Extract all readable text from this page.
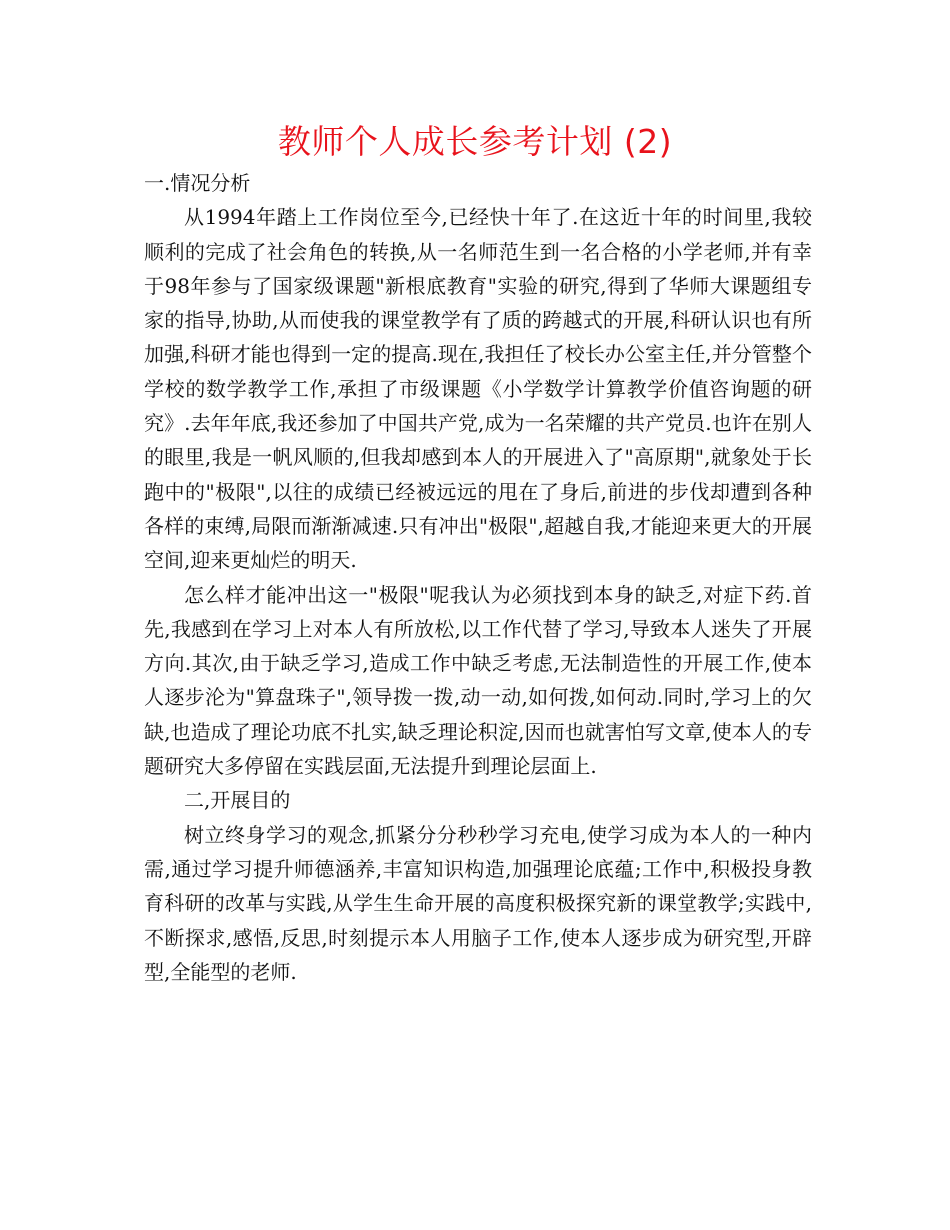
教师个人成长参考计划 (2)

一.情况分析

从1994年踏上工作岗位至今,已经快十年了.在这近十年的时间里,我较顺利的完成了社会角色的转换,从一名师范生到一名合格的小学老师,并有幸于98年参与了国家级课题"新根底教育"实验的研究,得到了华师大课题组专家的指导,协助,从而使我的课堂教学有了质的跨越式的开展,科研认识也有所加强,科研才能也得到一定的提高.现在,我担任了校长办公室主任,并分管整个学校的数学教学工作,承担了市级课题《小学数学计算教学价值咨询题的研究》.去年年底,我还参加了中国共产党,成为一名荣耀的共产党员.也许在别人的眼里,我是一帆风顺的,但我却感到本人的开展进入了"高原期",就象处于长跑中的"极限",以往的成绩已经被远远的甩在了身后,前进的步伐却遭到各种各样的束缚,局限而渐渐减速.只有冲出"极限",超越自我,才能迎来更大的开展空间,迎来更灿烂的明天.

怎么样才能冲出这一"极限"呢我认为必须找到本身的缺乏,对症下药.首先,我感到在学习上对本人有所放松,以工作代替了学习,导致本人迷失了开展方向.其次,由于缺乏学习,造成工作中缺乏考虑,无法制造性的开展工作,使本人逐步沦为"算盘珠子",领导拨一拨,动一动,如何拨,如何动.同时,学习上的欠缺,也造成了理论功底不扎实,缺乏理论积淀,因而也就害怕写文章,使本人的专题研究大多停留在实践层面,无法提升到理论层面上.

二,开展目的

树立终身学习的观念,抓紧分分秒秒学习充电,使学习成为本人的一种内需,通过学习提升师德涵养,丰富知识构造,加强理论底蕴;工作中,积极投身教育科研的改革与实践,从学生生命开展的高度积极探究新的课堂教学;实践中,不断探求,感悟,反思,时刻提示本人用脑子工作,使本人逐步成为研究型,开辟型,全能型的老师.
